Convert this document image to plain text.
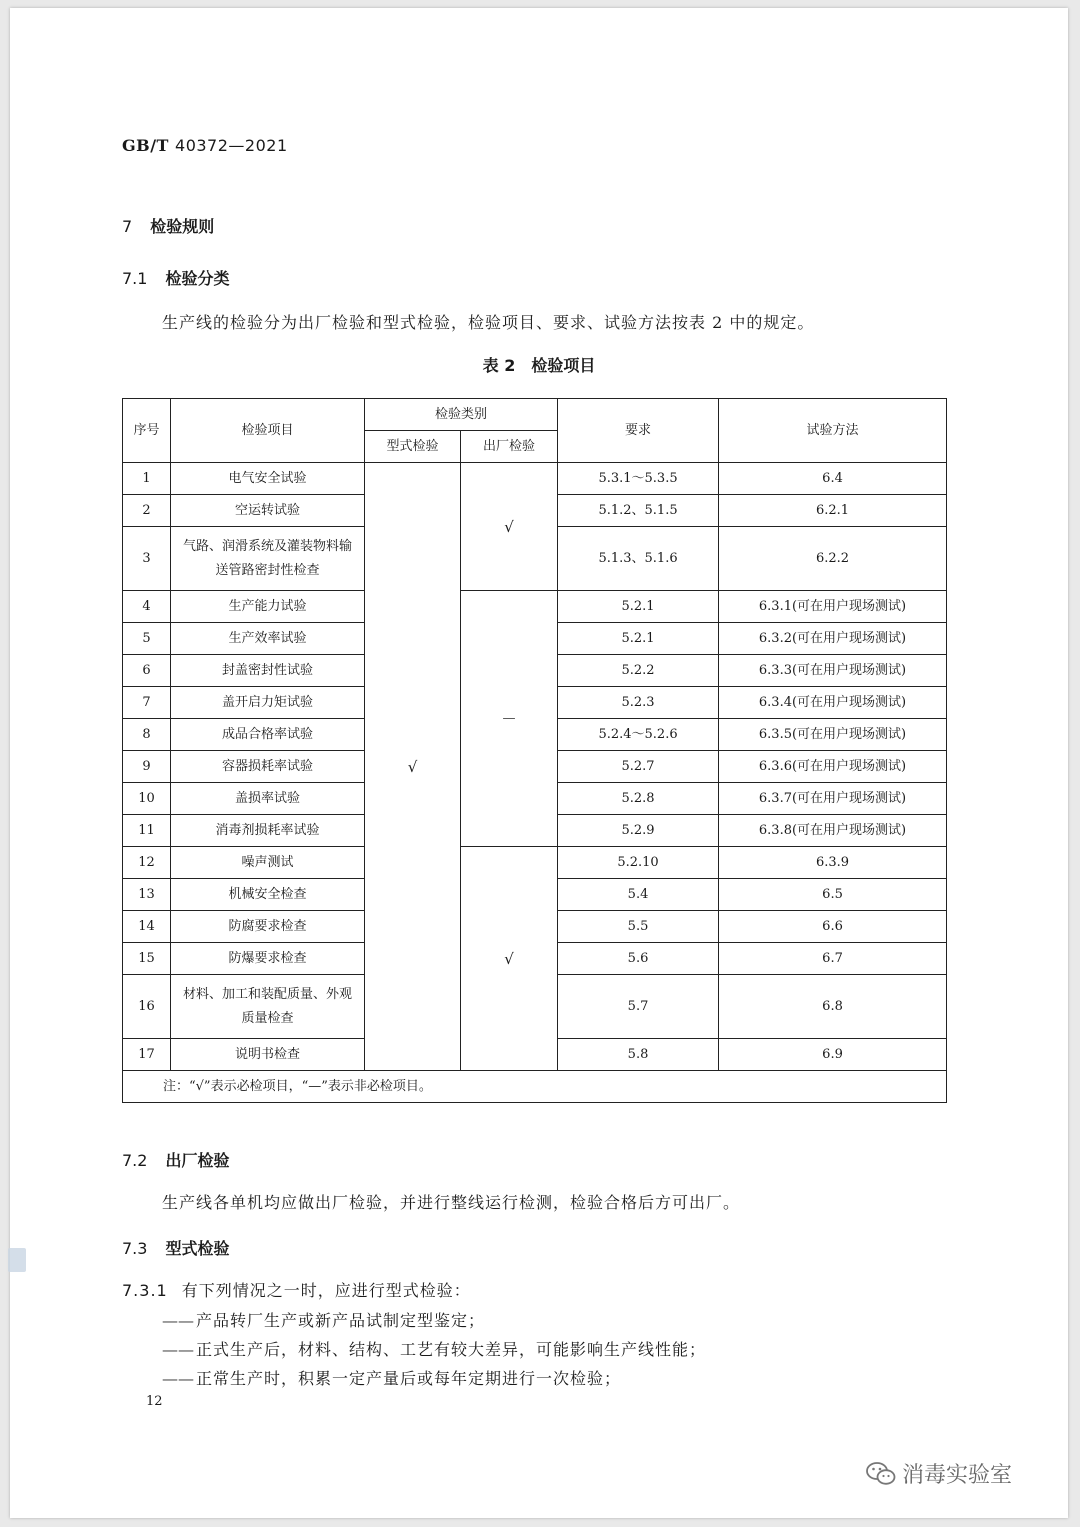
GB/T 40372—2021
7 检验规则
7.1 检验分类
生产线的检验分为出厂检验和型式检验，检验项目、要求、试验方法按表 2 中的规定。
表 2 检验项目
序号	检验项目	检验类别		要求	试验方法
		型式检验	出厂检验		
1	电气安全试验	√	√	5.3.1～5.3.5	6.4
2	空运转试验			5.1.2、5.1.5	6.2.1
3	气路、润滑系统及灌装物料输送管路密封性检查			5.1.3、5.1.6	6.2.2
4	生产能力试验		—	5.2.1	6.3.1(可在用户现场测试)
5	生产效率试验			5.2.1	6.3.2(可在用户现场测试)
6	封盖密封性试验			5.2.2	6.3.3(可在用户现场测试)
7	盖开启力矩试验			5.2.3	6.3.4(可在用户现场测试)
8	成品合格率试验			5.2.4～5.2.6	6.3.5(可在用户现场测试)
9	容器损耗率试验			5.2.7	6.3.6(可在用户现场测试)
10	盖损率试验			5.2.8	6.3.7(可在用户现场测试)
11	消毒剂损耗率试验			5.2.9	6.3.8(可在用户现场测试)
12	噪声测试		√	5.2.10	6.3.9
13	机械安全检查			5.4	6.5
14	防腐要求检查			5.5	6.6
15	防爆要求检查			5.6	6.7
16	材料、加工和装配质量、外观质量检查			5.7	6.8
17	说明书检查			5.8	6.9
注：“√”表示必检项目，“—”表示非必检项目。					
7.2 出厂检验
生产线各单机均应做出厂检验，并进行整线运行检测，检验合格后方可出厂。
7.3 型式检验
7.3.1 有下列情况之一时，应进行型式检验：
—— 产品转厂生产或新产品试制定型鉴定；
—— 正式生产后，材料、结构、工艺有较大差异，可能影响生产线性能；
—— 正常生产时，积累一定产量后或每年定期进行一次检验；
12
消毒实验室
